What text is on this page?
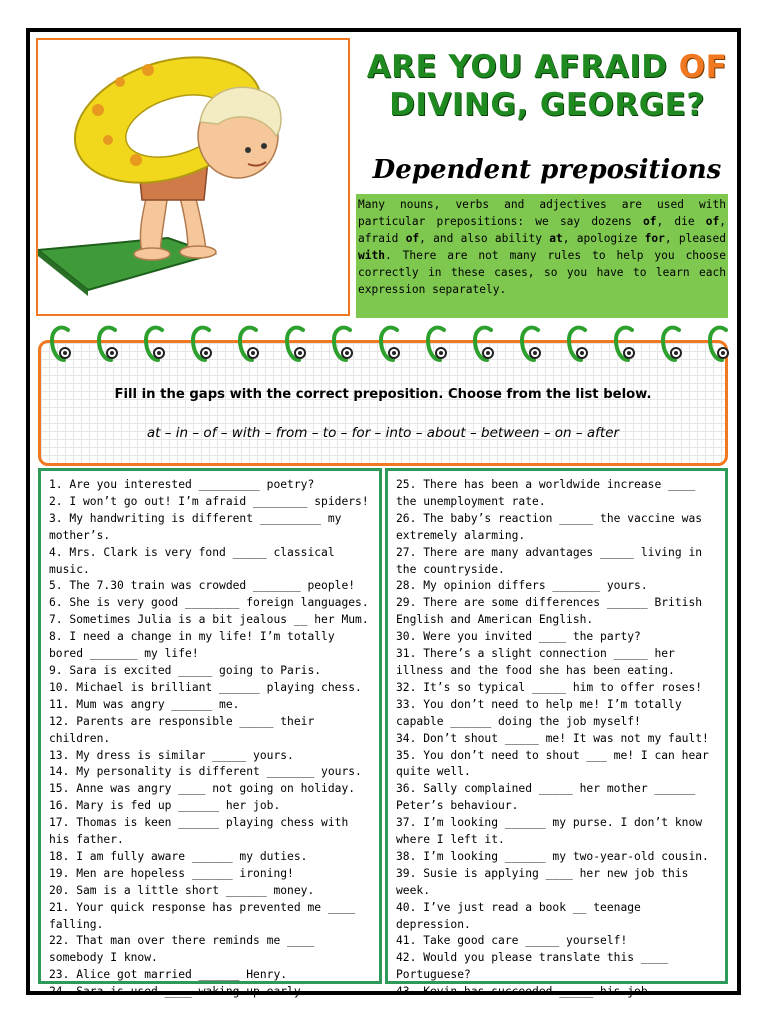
ARE YOU AFRAID OF
DIVING, GEORGE?
Dependent prepositions
Many nouns, verbs and adjectives are used with particular prepositions: we say dozens of, die of, afraid of, and also ability at, apologize for, pleased with. There are not many rules to help you choose correctly in these cases, so you have to learn each expression separately.

Fill in the gaps with the correct preposition. Choose from the list below.

at – in – of – with – from – to – for – into – about – between – on – after

1. Are you interested _________ poetry?

2. I won’t go out! I’m afraid ________ spiders!

3. My handwriting is different _________ my mother’s.

4. Mrs. Clark is very fond _____ classical music.

5. The 7.30 train was crowded _______ people!

6. She is very good ________ foreign languages.

7. Sometimes Julia is a bit jealous __ her Mum.

8. I need a change in my life! I’m totally bored _______ my life!

9. Sara is excited _____ going to Paris.

10. Michael is brilliant ______ playing chess.

11. Mum was angry ______ me.

12. Parents are responsible _____ their children.

13. My dress is similar _____ yours.

14. My personality is different _______ yours.

15. Anne was angry ____ not going on holiday.

16. Mary is fed up ______ her job.

17. Thomas is keen ______ playing chess with his father.

18. I am fully aware ______ my duties.

19. Men are hopeless ______ ironing!

20. Sam is a little short ______ money.

21. Your quick response has prevented me ____ falling.

22. That man over there reminds me ____ somebody I know.

23. Alice got married ______ Henry.

24. Sara is used ____ waking up early.

25. There has been a worldwide increase ____ the unemployment rate.

26. The baby’s reaction _____ the vaccine was extremely alarming.

27. There are many advantages _____ living in the countryside.

28. My opinion differs _______ yours.

29. There are some differences ______ British English and American English.

30. Were you invited ____ the party?

31. There’s a slight connection _____ her illness and the food she has been eating.

32. It’s so typical _____ him to offer roses!

33. You don’t need to help me! I’m totally capable ______ doing the job myself!

34. Don’t shout _____ me! It was not my fault!

35. You don’t need to shout ___ me! I can hear quite well.

36. Sally complained _____ her mother ______ Peter’s behaviour.

37. I’m looking ______ my purse. I don’t know where I left it.

38. I’m looking ______ my two-year-old cousin.

39. Susie is applying ____ her new job this week.

40. I’ve just read a book __ teenage depression.

41. Take good care _____ yourself!

42. Would you please translate this ____ Portuguese?

43. Kevin has succeeded _____ his job.
